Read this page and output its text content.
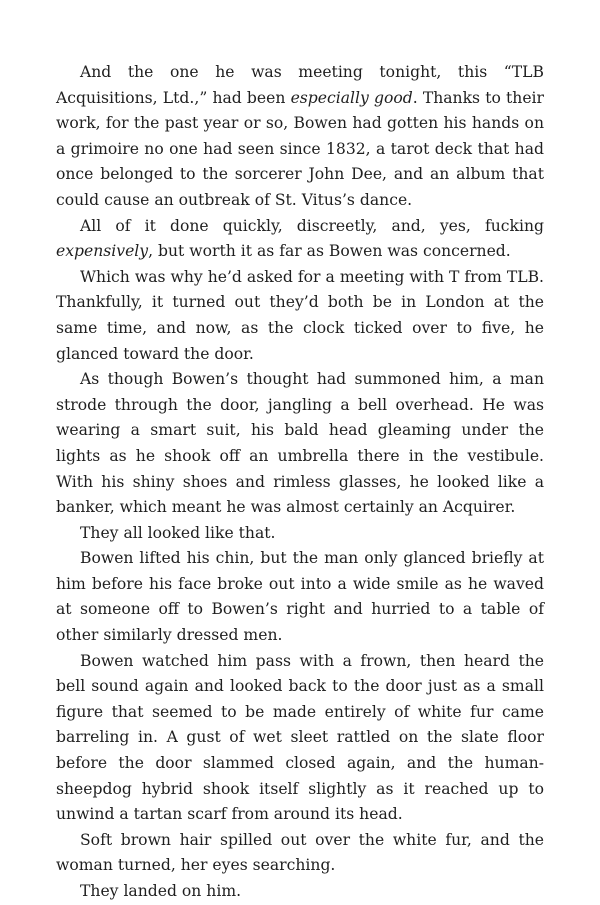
And the one he was meeting tonight, this “TLB Acquisitions, Ltd.,” had been especially good. Thanks to their work, for the past year or so, Bowen had gotten his hands on a grimoire no one had seen since 1832, a tarot deck that had once belonged to the sorcerer John Dee, and an album that could cause an outbreak of St. Vitus’s dance.

All of it done quickly, discreetly, and, yes, fucking expensively, but worth it as far as Bowen was concerned.

Which was why he’d asked for a meeting with T from TLB. Thankfully, it turned out they’d both be in London at the same time, and now, as the clock ticked over to five, he glanced toward the door.

As though Bowen’s thought had summoned him, a man strode through the door, jangling a bell overhead. He was wearing a smart suit, his bald head gleaming under the lights as he shook off an umbrella there in the vestibule. With his shiny shoes and rimless glasses, he looked like a banker, which meant he was almost certainly an Acquirer.

They all looked like that.

Bowen lifted his chin, but the man only glanced briefly at him before his face broke out into a wide smile as he waved at someone off to Bowen’s right and hurried to a table of other similarly dressed men.

Bowen watched him pass with a frown, then heard the bell sound again and looked back to the door just as a small figure that seemed to be made entirely of white fur came barreling in. A gust of wet sleet rattled on the slate floor before the door slammed closed again, and the human-sheepdog hybrid shook itself slightly as it reached up to unwind a tartan scarf from around its head.

Soft brown hair spilled out over the white fur, and the woman turned, her eyes searching.

They landed on him.
